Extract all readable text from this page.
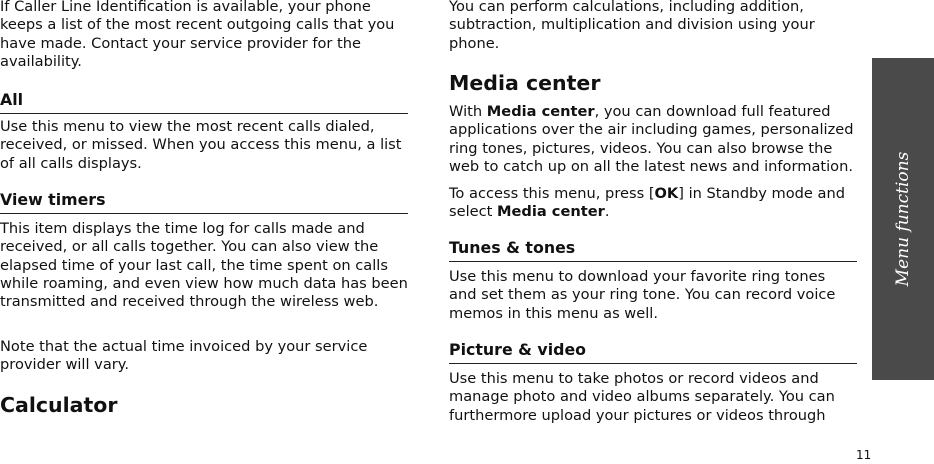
If Caller Line Identification is available, your phone keeps a list of the most recent outgoing calls that you have made. Contact your service provider for the availability.

All

Use this menu to view the most recent calls dialed, received, or missed. When you access this menu, a list of all calls displays.

View timers

This item displays the time log for calls made and received, or all calls together. You can also view the elapsed time of your last call, the time spent on calls while roaming, and even view how much data has been transmitted and received through the wireless web.

Note that the actual time invoiced by your service provider will vary.

Calculator

You can perform calculations, including addition, subtraction, multiplication and division using your phone.

Media center

With Media center, you can download full featured applications over the air including games, personalized ring tones, pictures, videos. You can also browse the web to catch up on all the latest news and information.

To access this menu, press [OK] in Standby mode and select Media center.

Tunes & tones

Use this menu to download your favorite ring tones and set them as your ring tone. You can record voice memos in this menu as well.

Picture & video

Use this menu to take photos or record videos and manage photo and video albums separately. You can furthermore upload your pictures or videos through

Menu functions
11
